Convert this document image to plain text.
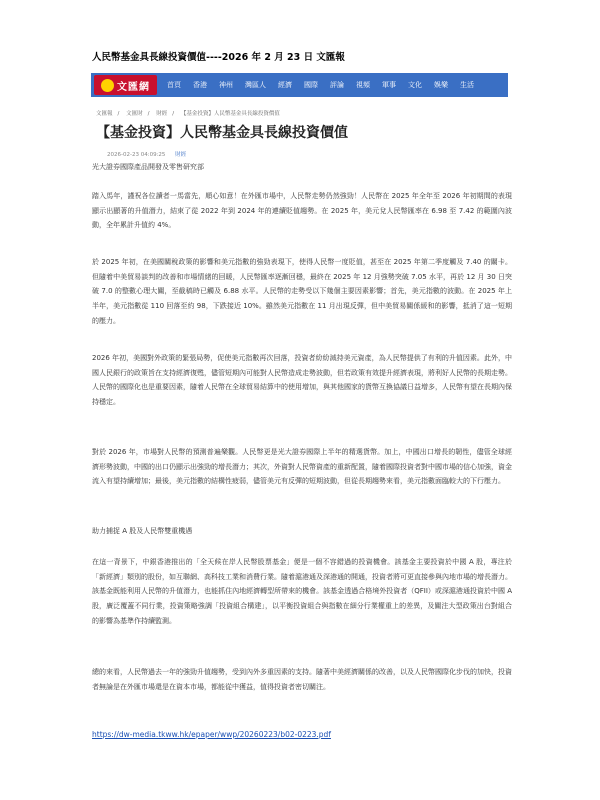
人民幣基金具長線投資價值----2026 年 2 月 23 日 文匯報
文匯網 首頁 香港 神州 灣區人 經濟 國際 評論 視頻 軍事 文化 娛樂 生活
文匯報 / 文匯財 / 財經 / 【基金投資】人民幣基金具長線投資價值
【基金投資】人民幣基金具長線投資價值
2026-02-23 04:09:25 財經

光大證券國際產品開發及零售研究部

踏入馬年，謹祝各位讀者一馬當先，順心如意！在外匯市場中，人民幣走勢仍然強勁！人民幣在 2025 年全年至 2026 年初期間的表現顯示出顯著的升值潛力，結束了從 2022 年到 2024 年的連續貶值趨勢。在 2025 年，美元兌人民幣匯率在 6.98 至 7.42 的範圍內波動，全年累計升值約 4%。

於 2025 年初，在美國關稅政策的影響和美元指數的強勁表現下，使得人民幣一度貶值，甚至在 2025 年第二季度觸及 7.40 的關卡。但隨着中美貿易談判的改善和市場情緒的回暖，人民幣匯率逐漸回穩，最終在 2025 年 12 月強勢突破 7.05 水平，再於 12 月 30 日突破 7.0 的整數心理大關，至截稿時已觸及 6.88 水平。人民幣的走勢受以下幾個主要因素影響；首先，美元指數的波動。在 2025 年上半年，美元指數從 110 回落至約 98，下跌接近 10%。雖然美元指數在 11 月出現反彈，但中美貿易關係緩和的影響，抵消了這一短期的壓力。

2026 年初，美國對外政策的緊張局勢，促使美元指數再次回落，投資者紛紛減持美元資產，為人民幣提供了有利的升值因素。此外，中國人民銀行的政策旨在支持經濟復甦，儘管短期內可能對人民幣造成走勢波動，但若政策有效提升經濟表現，將利好人民幣的長期走勢。人民幣的國際化也是重要因素，隨着人民幣在全球貿易結算中的使用增加，與其他國家的貨幣互換協議日益增多，人民幣有望在長期內保持穩定。

對於 2026 年，市場對人民幣的預測普遍樂觀。人民幣更是光大證券國際上半年的精選貨幣。加上，中國出口增長的韌性，儘管全球經濟形勢波動，中國的出口仍顯示出強勁的增長潛力；其次，外資對人民幣資產的重新配置，隨着國際投資者對中國市場的信心加強，資金流入有望持續增加；最後，美元指數的結構性疲弱，儘管美元有反彈的短期波動，但從長期趨勢來看，美元指數面臨較大的下行壓力。

助力捕捉 A 股及人民幣雙重機遇

在這一背景下，中銀香港推出的「全天候在岸人民幣股票基金」便是一個不容錯過的投資機會。該基金主要投資於中國 A 股，專注於「新經濟」類別的股份，如互聯網、高科技工業和消費行業。隨着滬港通及深港通的開通，投資者將可更直接參與內地市場的增長潛力。該基金既能利用人民幣的升值潛力，也能抓住內地經濟轉型所帶來的機會。該基金透過合格境外投資者（QFII）或深滬港通投資於中國 A 股，廣泛覆蓋不同行業，投資策略強調「投資組合構建」，以平衡投資組合與指數在細分行業權重上的差異，及關注大型政策出台對組合的影響為基準作持續監測。

總的來看，人民幣過去一年的強勁升值趨勢，受到內外多重因素的支持。隨著中美經濟關係的改善，以及人民幣國際化步伐的加快，投資者無論是在外匯市場還是在資本市場，都能從中獲益，值得投資者密切關注。

https://dw-media.tkww.hk/epaper/wwp/20260223/b02-0223.pdf
